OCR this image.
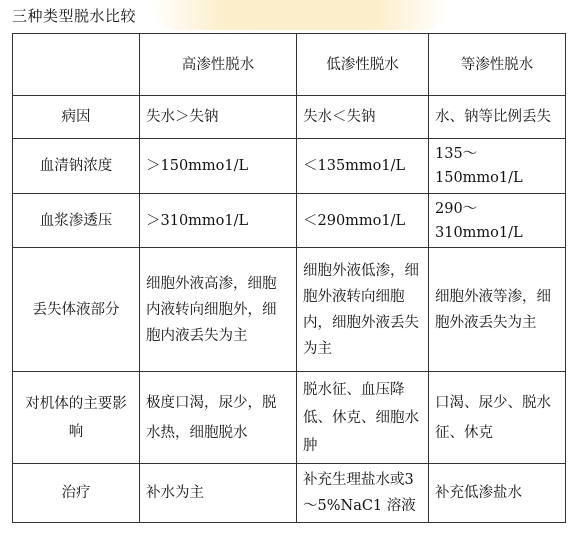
三种类型脱水比较
	高渗性脱水	低渗性脱水	等渗性脱水
病因	失水＞失钠	失水＜失钠	水、钠等比例丢失
血清钠浓度	＞150mmo1/L	＜135mmo1/L	135～150mmo1/L
血浆渗透压	＞310mmo1/L	＜290mmo1/L	290～310mmo1/L
丢失体液部分	细胞外液高渗，细胞内液转向细胞外，细胞内液丢失为主	细胞外液低渗，细胞外液转向细胞内，细胞外液丢失为主	细胞外液等渗，细胞外液丢失为主
对机体的主要影响	极度口渴，尿少，脱水热，细胞脱水	脱水征、血压降低、休克、细胞水肿	口渴、尿少、脱水征、休克
治疗	补水为主	补充生理盐水或3～5%NaC1 溶液	补充低渗盐水
